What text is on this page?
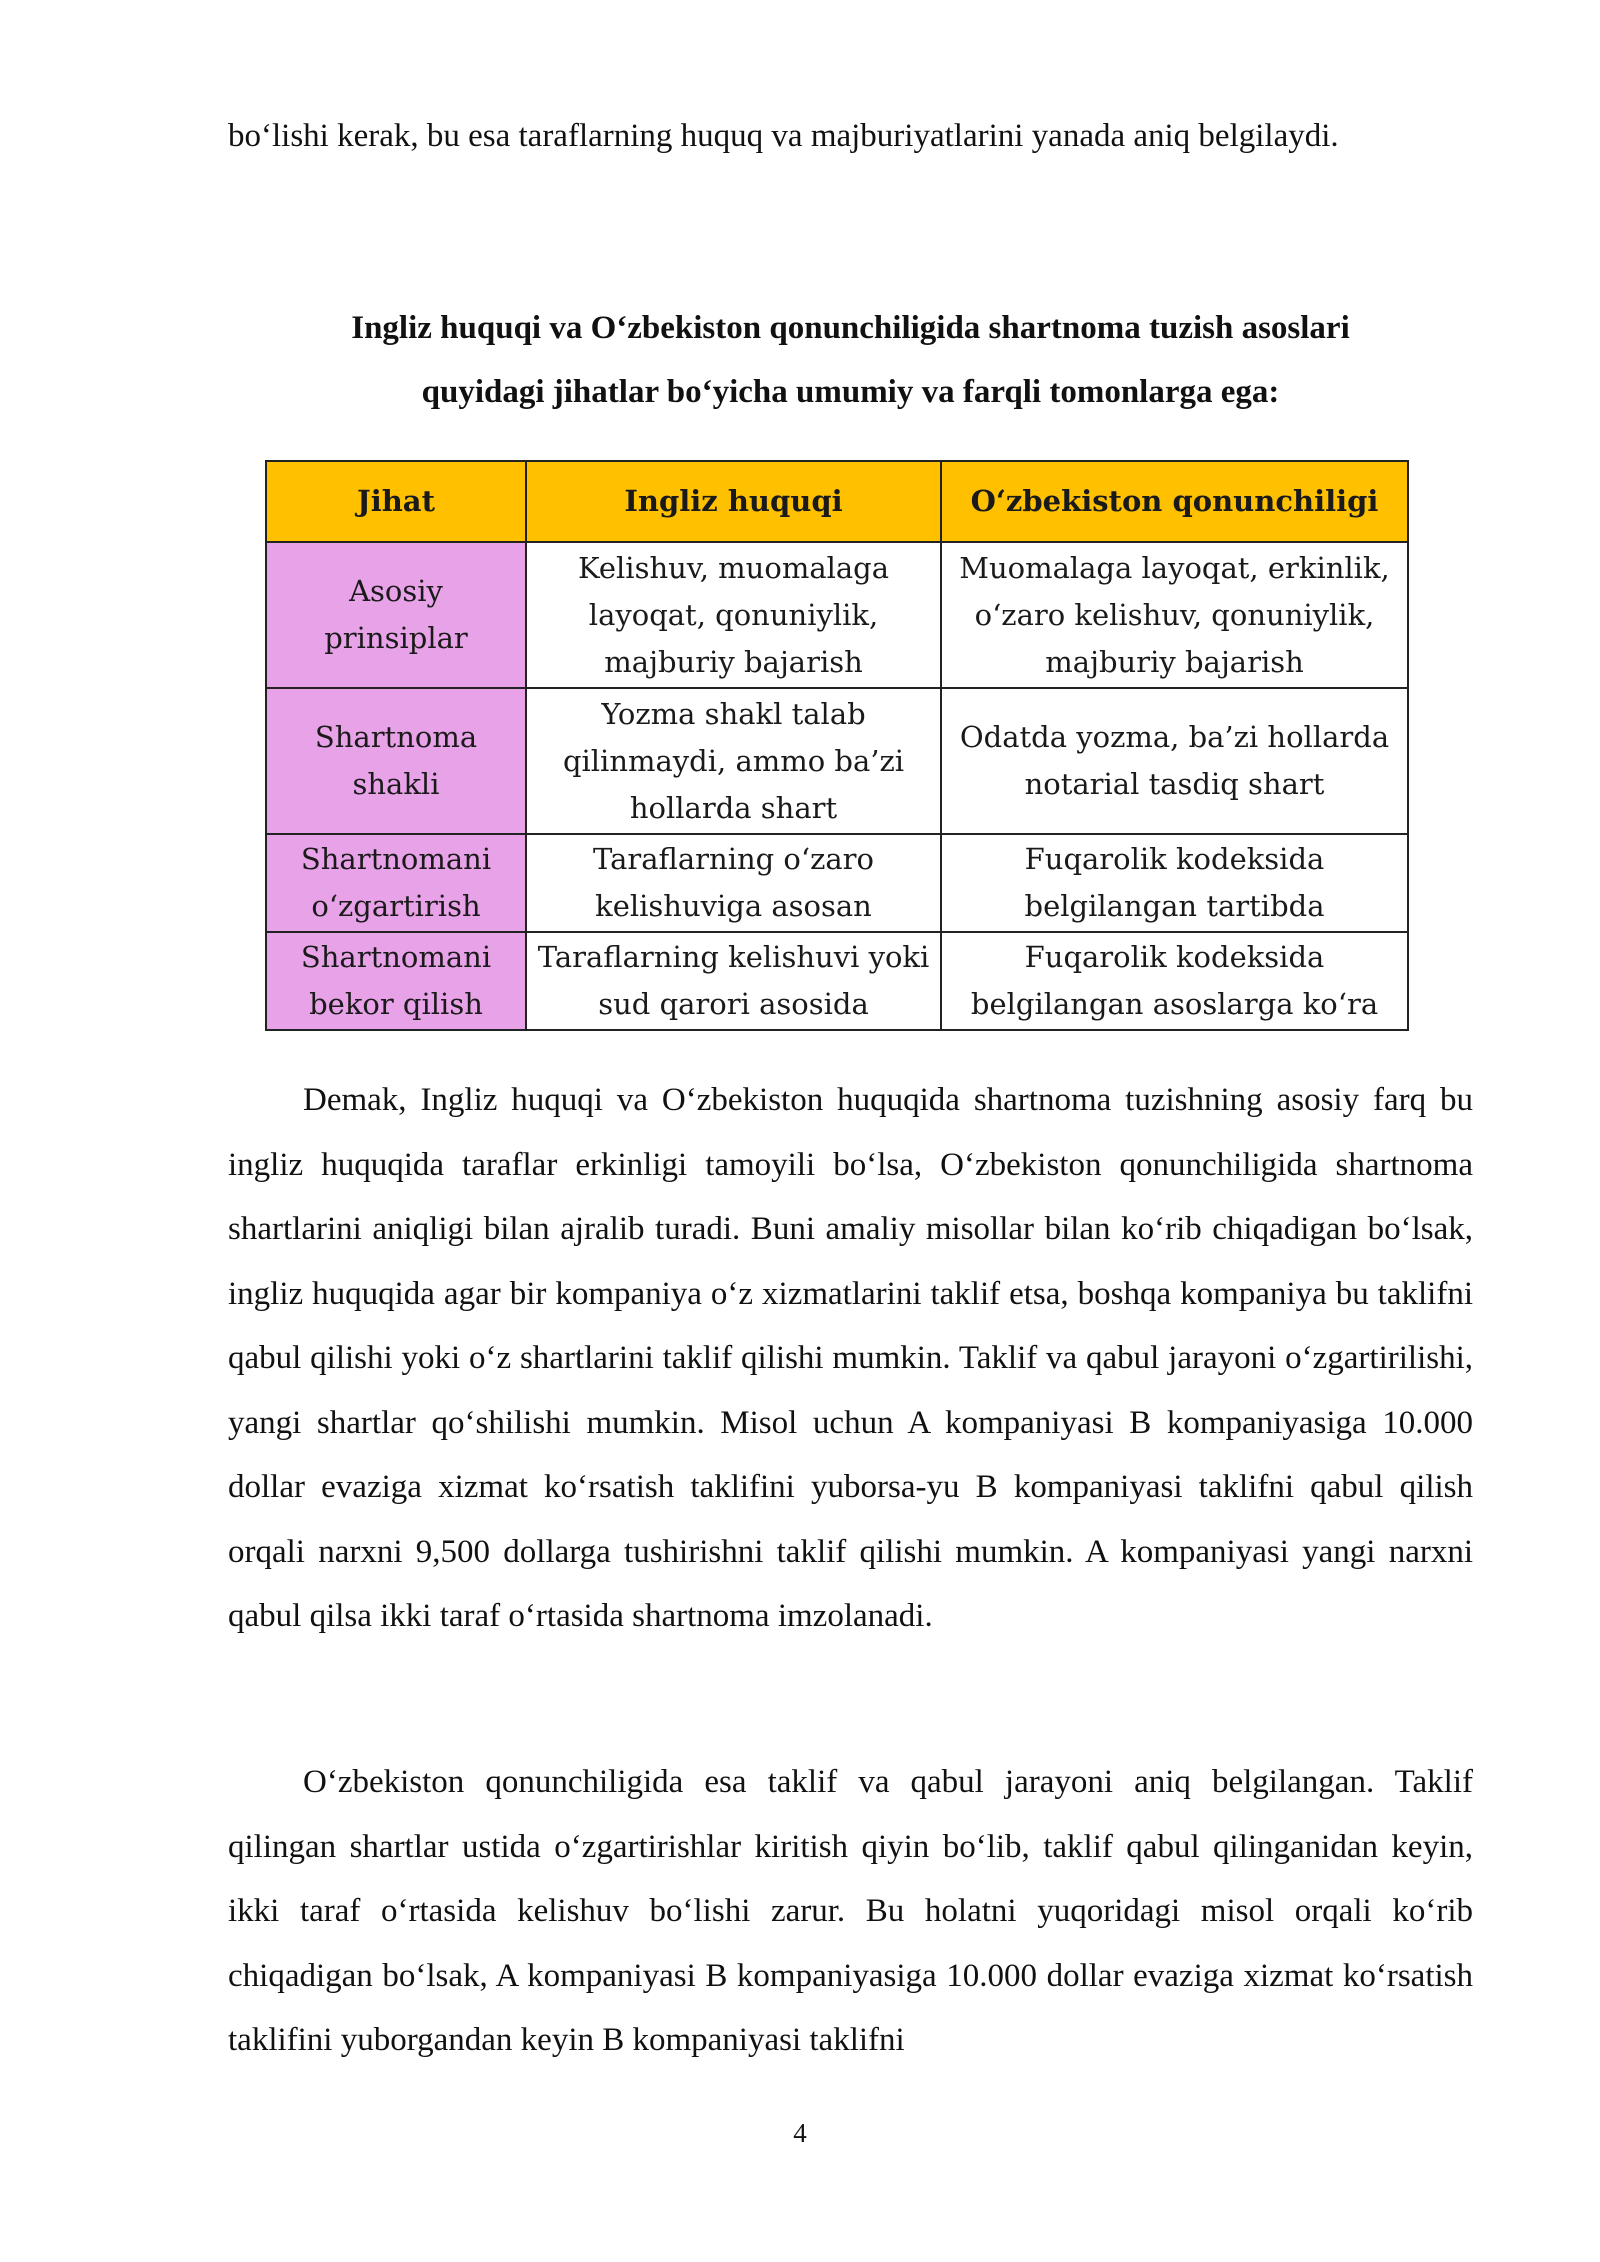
bo‘lishi kerak, bu esa taraflarning huquq va majburiyatlarini yanada aniq belgilaydi.

Ingliz huquqi va O‘zbekiston qonunchiligida shartnoma tuzish asoslari
quyidagi jihatlar bo‘yicha umumiy va farqli tomonlarga ega:
Jihat	Ingliz huquqi	O‘zbekiston qonunchiligi
Asosiy prinsiplar	Kelishuv, muomalaga layoqat, qonuniylik, majburiy bajarish	Muomalaga layoqat, erkinlik, o‘zaro kelishuv, qonuniylik, majburiy bajarish
Shartnoma shakli	Yozma shakl talab qilinmaydi, ammo ba’zi hollarda shart	Odatda yozma, ba’zi hollarda notarial tasdiq shart
Shartnomani o‘zgartirish	Taraflarning o‘zaro kelishuviga asosan	Fuqarolik kodeksida belgilangan tartibda
Shartnomani bekor qilish	Taraflarning kelishuvi yoki sud qarori asosida	Fuqarolik kodeksida belgilangan asoslarga ko‘ra

Demak, Ingliz huquqi va O‘zbekiston huquqida shartnoma tuzishning asosiy farq bu ingliz huquqida taraflar erkinligi tamoyili bo‘lsa, O‘zbekiston qonunchiligida shartnoma shartlarini aniqligi bilan ajralib turadi. Buni amaliy misollar bilan ko‘rib chiqadigan bo‘lsak, ingliz huquqida agar bir kompaniya o‘z xizmatlarini taklif etsa, boshqa kompaniya bu taklifni qabul qilishi yoki o‘z shartlarini taklif qilishi mumkin. Taklif va qabul jarayoni o‘zgartirilishi, yangi shartlar qo‘shilishi mumkin. Misol uchun A kompaniyasi B kompaniyasiga 10.000 dollar evaziga xizmat ko‘rsatish taklifini yuborsa-yu B kompaniyasi taklifni qabul qilish orqali narxni 9,500 dollarga tushirishni taklif qilishi mumkin. A kompaniyasi yangi narxni qabul qilsa ikki taraf o‘rtasida shartnoma imzolanadi.

O‘zbekiston qonunchiligida esa taklif va qabul jarayoni aniq belgilangan. Taklif qilingan shartlar ustida o‘zgartirishlar kiritish qiyin bo‘lib, taklif qabul qilinganidan keyin, ikki taraf o‘rtasida kelishuv bo‘lishi zarur. Bu holatni yuqoridagi misol orqali ko‘rib chiqadigan bo‘lsak, A kompaniyasi B kompaniyasiga 10.000 dollar evaziga xizmat ko‘rsatish taklifini yuborgandan keyin B kompaniyasi taklifni

4
